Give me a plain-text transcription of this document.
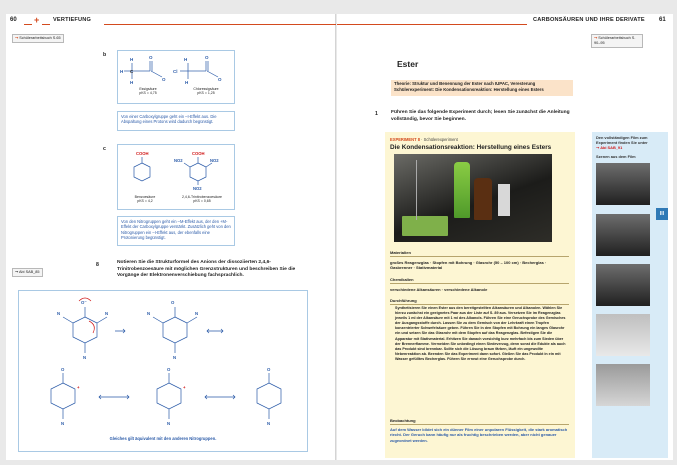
60 + VERTIEFUNG
➞ Schülerarbeitsbuch S.65
b
H
H
H C
O
O
H
H
Cl
O
O
Essigsäure
pKS = 4,75
Chloressigsäure
pKS = 1,25
Von einer Carboxylgruppe geht ein –I-Effekt aus. Die Abspaltung eines Protons wird dadurch begünstigt.
c
COOH	COOH
NO2	NO2
NO2
Benzoesäure
pKS = 4,2
2,4,6-Trinitrobenzoesäure
pKS = 0,65
Von den Nitrogruppen geht ein –M-Effekt aus, der den +M-Effekt der Carboxylgruppe verstärkt. Zusätzlich geht von den Nitrogruppen ein –I-Effekt aus, der ebenfalls eine Protonierung begünstigt.
8	Notieren Sie die Strukturformel des Anions der dissoziierten 2,4,6-Trinitrobenzoesäure mit möglichen Grenzstrukturen und beschreiben Sie die Vorgänge der Elektronenverschiebung fachsprachlich.
➞ Abi SAB_85
O⁻
N	N
N
O
N	N
N
O
N
O
N
O
N
+	+
Gleiches gilt äquivalent mit den anderen Nitrogruppen.
CARBONSÄUREN UND IHRE DERIVATE 61
➞ Schülerarbeitsbuch S. 90–95
Ester
Theorie: Struktur und Benennung der Ester nach IUPAC, Veresterung
Schülerexperiment: Die Kondensationsreaktion: Herstellung eines Esters
1	Führen Sie das folgende Experiment durch; lesen Sie zunächst die Anleitung vollständig, bevor Sie beginnen.
EXPERIMENT 8 · Schülerexperiment
Die Kondensationsreaktion: Herstellung eines Esters
Materialien
großes Reagenzglas · Stopfen mit Bohrung · Glasrohr (50 – 100 cm) · Becherglas · Gasbrenner · Stativmaterial
Chemikalien
verschiedene Alkansäuren · verschiedene Alkanole
Durchführung
Synthetisieren Sie einen Ester aus den bereitgestellten Alkansäuren und Alkanolen. Wählen Sie hierzu zunächst ein geeignetes Paar aus der Liste auf S. 89 aus. Versetzen Sie im Reagenzglas jeweils 1 ml der Alkansäure mit 1 ml des Alkanols. Führen Sie eine Geruchsprobe des Gemisches der Ausgangsstoffe durch. Lassen Sie zu dem Gemisch von der Lehrkraft einen Tropfen konzentrierter Schwefelsäure geben. Führen Sie in den Stopfen mit Bohrung ein langes Glasrohr ein und setzen Sie das Glasrohr mit dem Stopfen auf das Reagenzglas. Befestigen Sie die Apparatur mit Stativmaterial. Erhitzen Sie danach vorsichtig kurz mehrfach bis zum Sieden über der Brennerflamme. Vermeiden Sie unbedingt einen Siedeverzug, denn sonst die Edukte als auch das Produkt sind brennbar. Sollte sich die Lösung braun färben, läuft ein ungewollte Nebenreaktion ab. Beenden Sie das Experiment dann sofort. Gießen Sie das Produkt in ein mit Wasser gefülltes Becherglas. Führen Sie erneut eine Geruchsprobe durch.
Beobachtung
Auf dem Wasser bildet sich ein dünner Film einer unpolaren Flüssigkeit, die stark aromatisch riecht. Der Geruch kann häufig nur als fruchtig beschrieben werden, aber nicht genauer zugeordnet werden.
Den vollständigen Film zum Experiment finden Sie unter
➞ Abi SAB_91
Szenen aus dem Film
III
